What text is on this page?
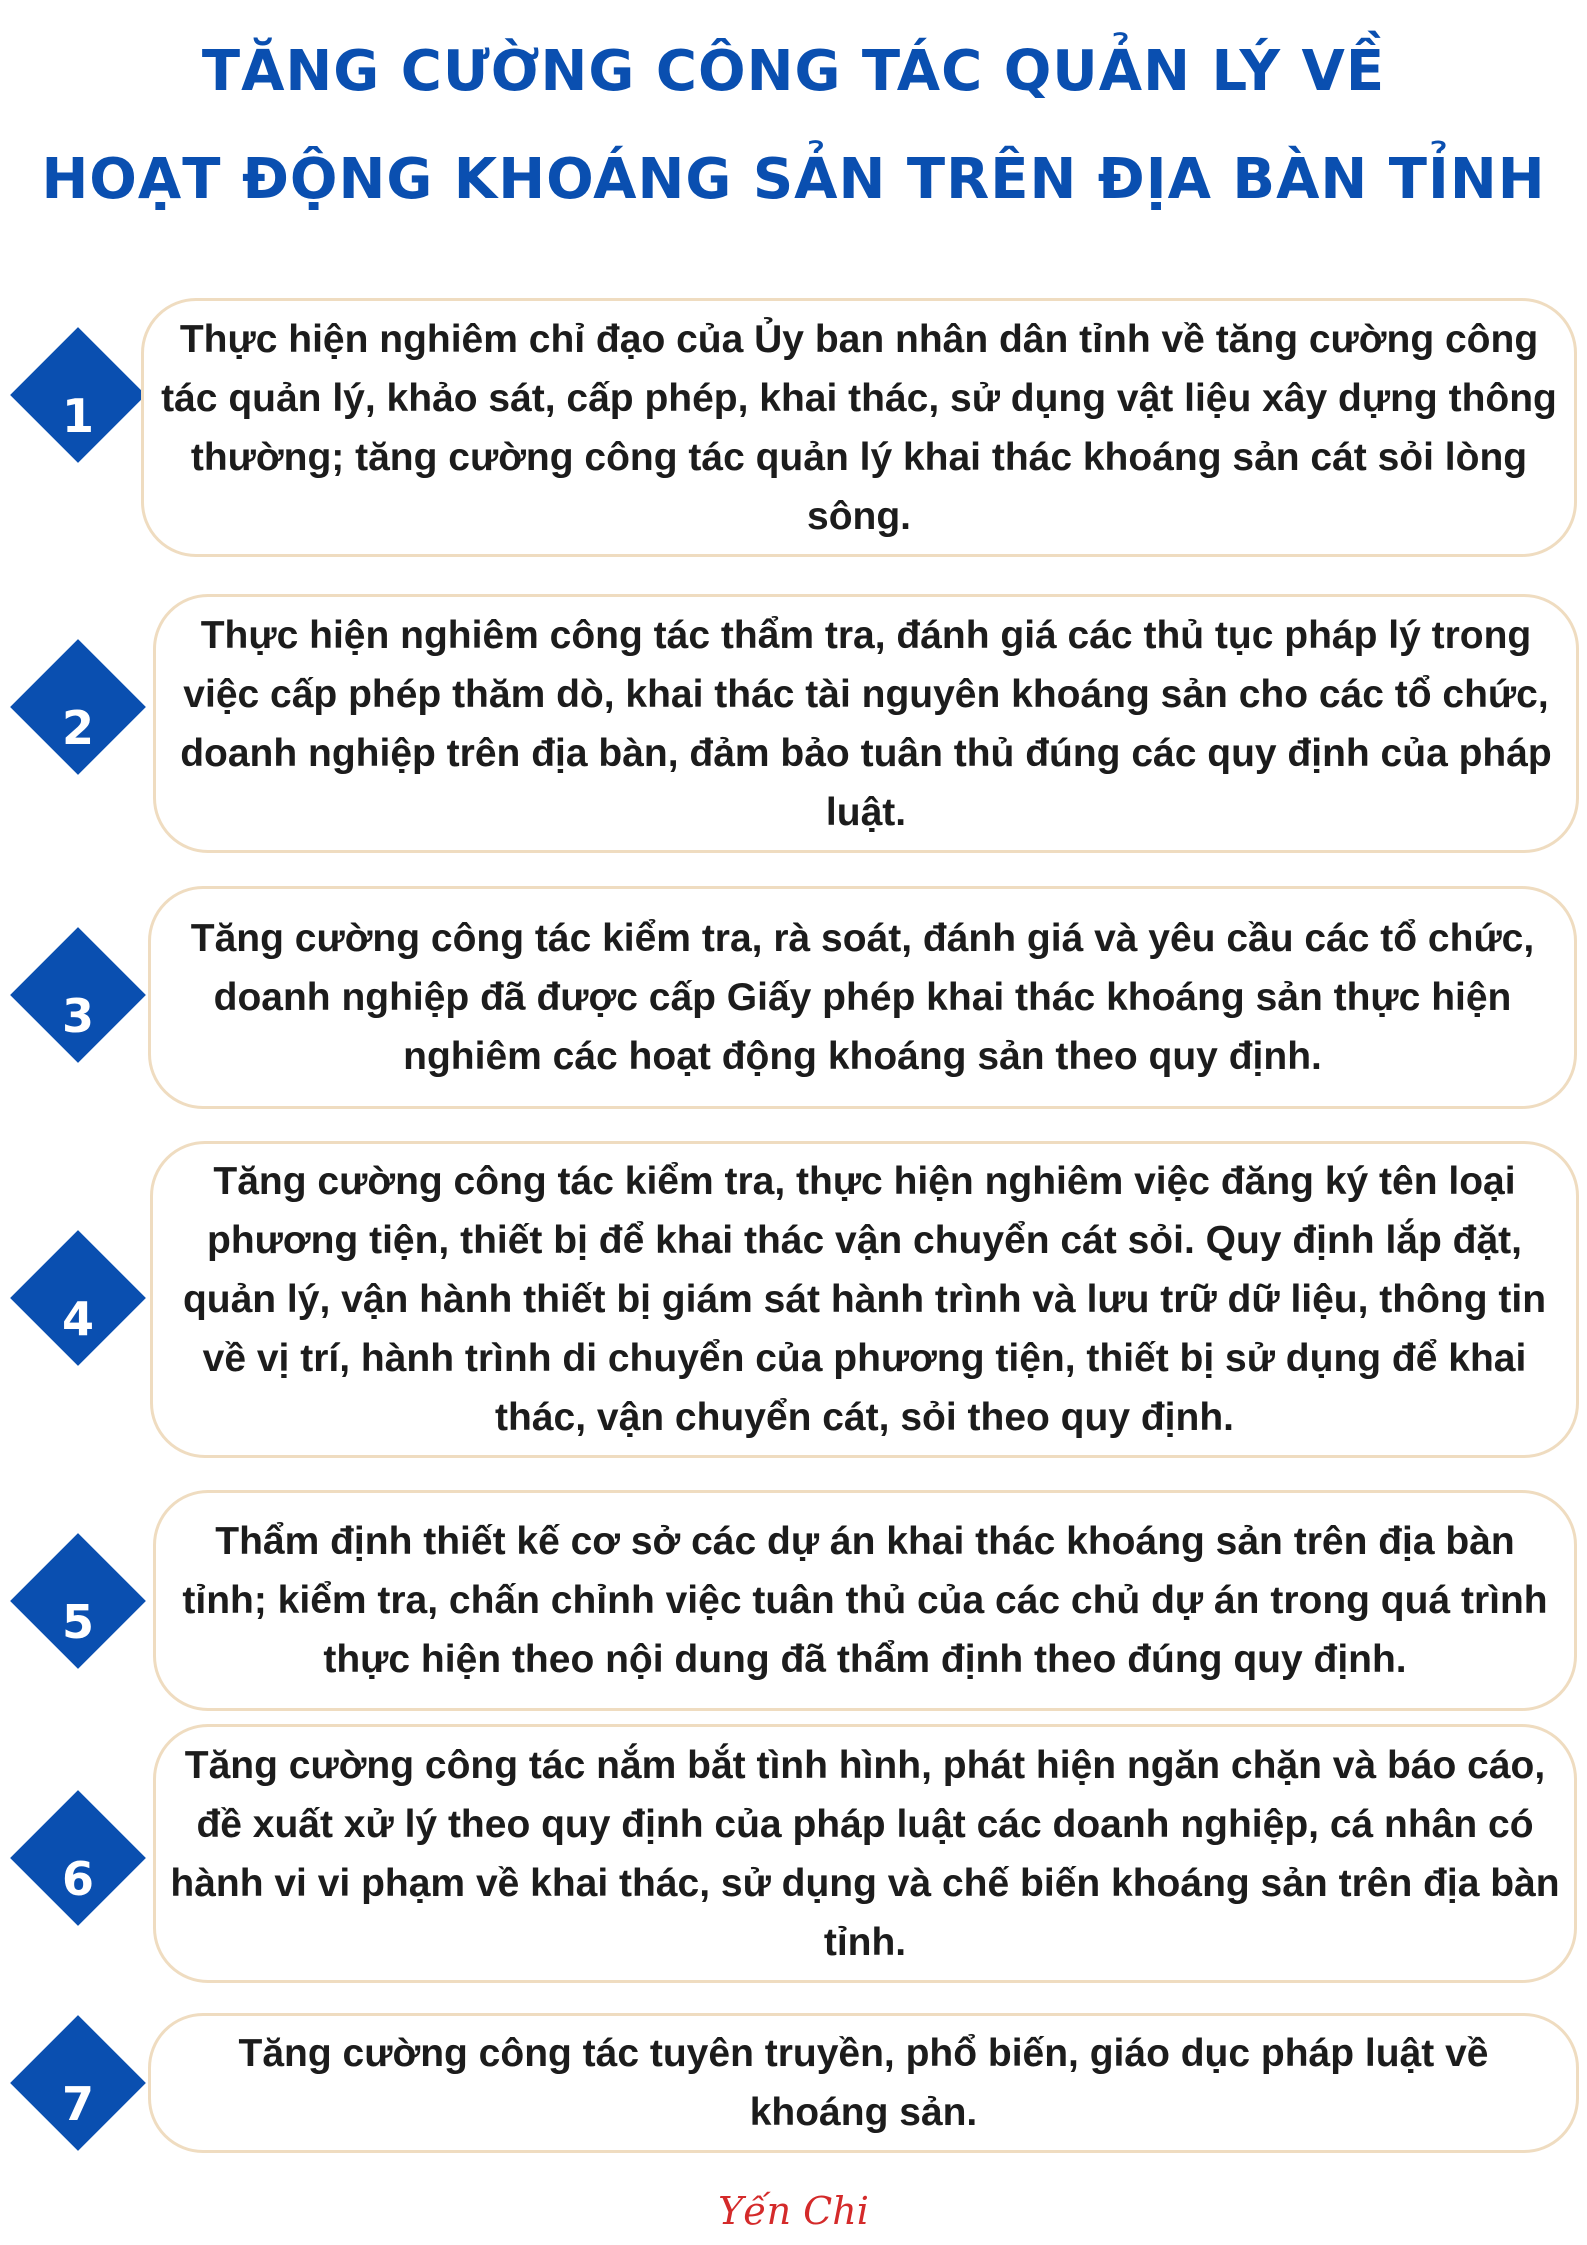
TĂNG CƯỜNG CÔNG TÁC QUẢN LÝ VỀ
HOẠT ĐỘNG KHOÁNG SẢN TRÊN ĐỊA BÀN TỈNH
1
Thực hiện nghiêm chỉ đạo của Ủy ban nhân dân tỉnh về tăng cường công tác quản lý, khảo sát, cấp phép, khai thác, sử dụng vật liệu xây dựng thông thường; tăng cường công tác quản lý khai thác khoáng sản cát sỏi lòng sông.
2
Thực hiện nghiêm công tác thẩm tra, đánh giá các thủ tục pháp lý trong việc cấp phép thăm dò, khai thác tài nguyên khoáng sản cho các tổ chức, doanh nghiệp trên địa bàn, đảm bảo tuân thủ đúng các quy định của pháp luật.
3
Tăng cường công tác kiểm tra, rà soát, đánh giá và yêu cầu các tổ chức, doanh nghiệp đã được cấp Giấy phép khai thác khoáng sản thực hiện nghiêm các hoạt động khoáng sản theo quy định.
4
Tăng cường công tác kiểm tra, thực hiện nghiêm việc đăng ký tên loại phương tiện, thiết bị để khai thác vận chuyển cát sỏi. Quy định lắp đặt, quản lý, vận hành thiết bị giám sát hành trình và lưu trữ dữ liệu, thông tin về vị trí, hành trình di chuyển của phương tiện, thiết bị sử dụng để khai thác, vận chuyển cát, sỏi theo quy định.
5
Thẩm định thiết kế cơ sở các dự án khai thác khoáng sản trên địa bàn tỉnh; kiểm tra, chấn chỉnh việc tuân thủ của các chủ dự án trong quá trình thực hiện theo nội dung đã thẩm định theo đúng quy định.
6
Tăng cường công tác nắm bắt tình hình, phát hiện ngăn chặn và báo cáo, đề xuất xử lý theo quy định của pháp luật các doanh nghiệp, cá nhân có hành vi vi phạm về khai thác, sử dụng và chế biến khoáng sản trên địa bàn tỉnh.
7
Tăng cường công tác tuyên truyền, phổ biến, giáo dục pháp luật về khoáng sản.
Yến Chi
